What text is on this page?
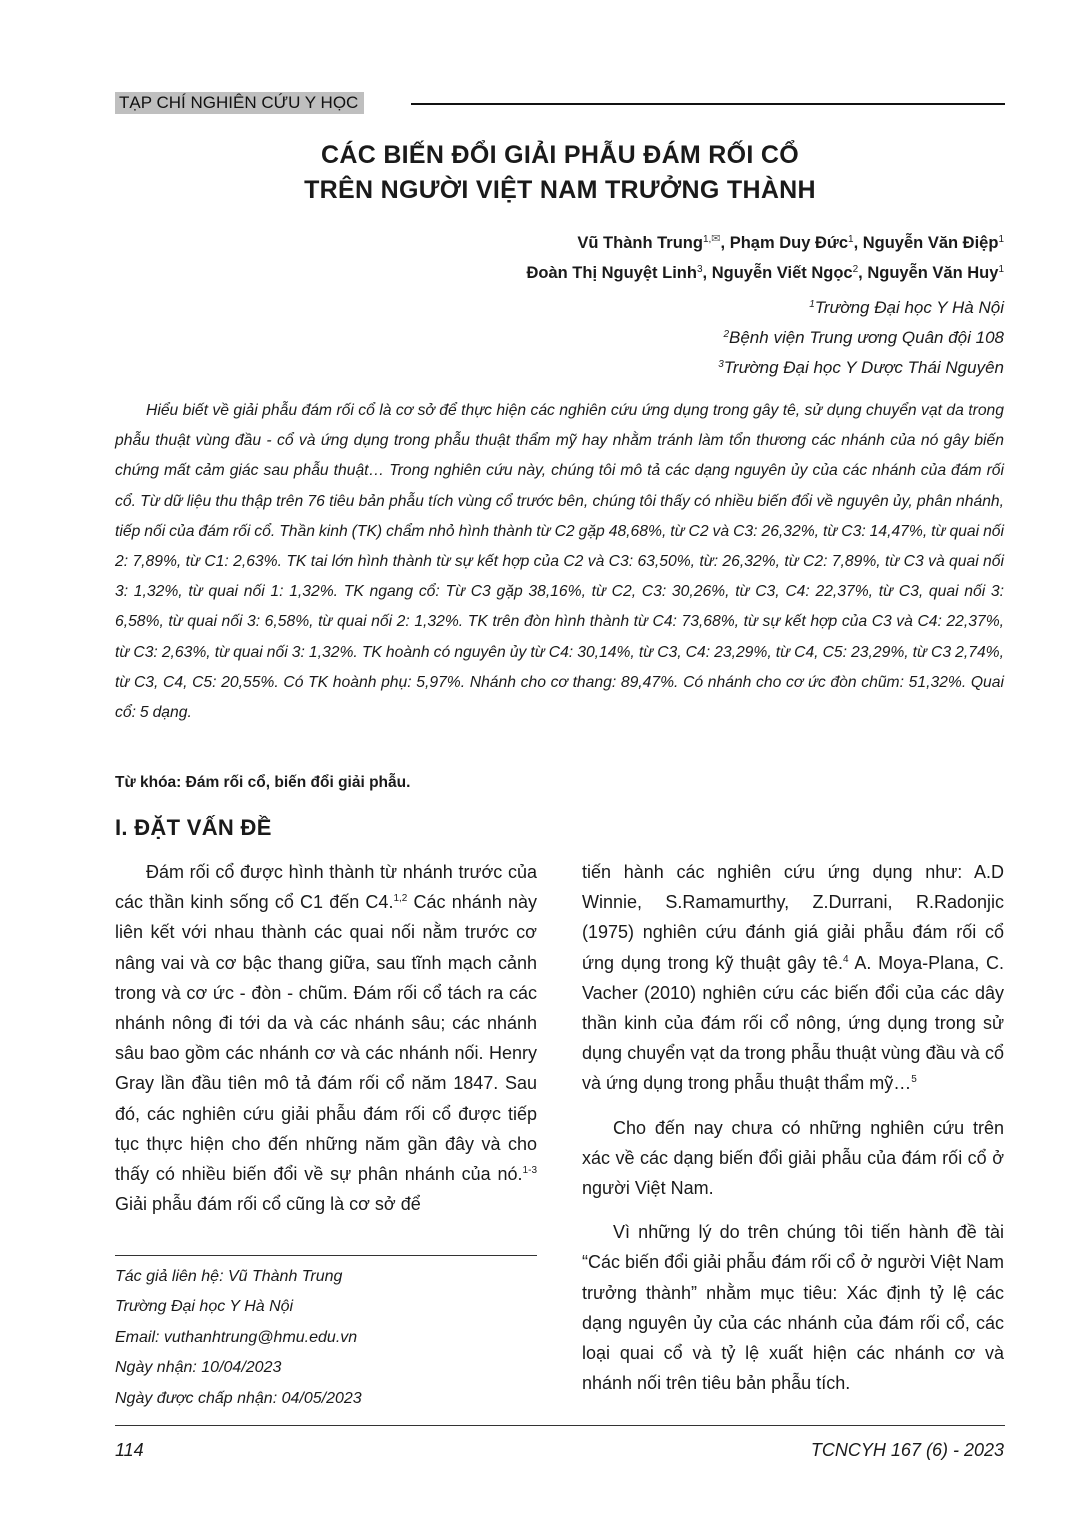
TẠP CHÍ NGHIÊN CỨU Y HỌC
CÁC BIẾN ĐỔI GIẢI PHẪU ĐÁM RỐI CỔ
TRÊN NGƯỜI VIỆT NAM TRƯỞNG THÀNH
Vũ Thành Trung$^{1,✉}$, Phạm Duy Đức$^1$, Nguyễn Văn Điệp$^1$
Đoàn Thị Nguyệt Linh$^3$, Nguyễn Viết Ngọc$^2$, Nguyễn Văn Huy$^1$
$^1$Trường Đại học Y Hà Nội
$^2$Bệnh viện Trung ương Quân đội 108
$^3$Trường Đại học Y Dược Thái Nguyên

Hiểu biết về giải phẫu đám rối cổ là cơ sở để thực hiện các nghiên cứu ứng dụng trong gây tê, sử dụng chuyển vạt da trong phẫu thuật vùng đầu - cổ và ứng dụng trong phẫu thuật thẩm mỹ hay nhằm tránh làm tổn thương các nhánh của nó gây biến chứng mất cảm giác sau phẫu thuật… Trong nghiên cứu này, chúng tôi mô tả các dạng nguyên ủy của các nhánh của đám rối cổ. Từ dữ liệu thu thập trên 76 tiêu bản phẫu tích vùng cổ trước bên, chúng tôi thấy có nhiều biến đổi về nguyên ủy, phân nhánh, tiếp nối của đám rối cổ. Thần kinh (TK) chẩm nhỏ hình thành từ C2 gặp 48,68%, từ C2 và C3: 26,32%, từ C3: 14,47%, từ quai nối 2: 7,89%, từ C1: 2,63%. TK tai lớn hình thành từ sự kết hợp của C2 và C3: 63,50%, từ: 26,32%, từ C2: 7,89%, từ C3 và quai nối 3: 1,32%, từ quai nối 1: 1,32%. TK ngang cổ: Từ C3 gặp 38,16%, từ C2, C3: 30,26%, từ C3, C4: 22,37%, từ C3, quai nối 3: 6,58%, từ quai nối 3: 6,58%, từ quai nối 2: 1,32%. TK trên đòn hình thành từ C4: 73,68%, từ sự kết hợp của C3 và C4: 22,37%, từ C3: 2,63%, từ quai nối 3: 1,32%. TK hoành có nguyên ủy từ C4: 30,14%, từ C3, C4: 23,29%, từ C4, C5: 23,29%, từ C3 2,74%, từ C3, C4, C5: 20,55%. Có TK hoành phụ: 5,97%. Nhánh cho cơ thang: 89,47%. Có nhánh cho cơ ức đòn chũm: 51,32%. Quai cổ: 5 dạng.

Từ khóa: Đám rối cổ, biến đổi giải phẫu.
I. ĐẶT VẤN ĐỀ

Đám rối cổ được hình thành từ nhánh trước của các thần kinh sống cổ C1 đến C4.$^{1,2}$ Các nhánh này liên kết với nhau thành các quai nối nằm trước cơ nâng vai và cơ bậc thang giữa, sau tĩnh mạch cảnh trong và cơ ức - đòn - chũm. Đám rối cổ tách ra các nhánh nông đi tới da và các nhánh sâu; các nhánh sâu bao gồm các nhánh cơ và các nhánh nối. Henry Gray lần đầu tiên mô tả đám rối cổ năm 1847. Sau đó, các nghiên cứu giải phẫu đám rối cổ được tiếp tục thực hiện cho đến những năm gần đây và cho thấy có nhiều biến đổi về sự phân nhánh của nó.$^{1-3}$ Giải phẫu đám rối cổ cũng là cơ sở để

tiến hành các nghiên cứu ứng dụng như: A.D Winnie, S.Ramamurthy, Z.Durrani, R.Radonjic (1975) nghiên cứu đánh giá giải phẫu đám rối cổ ứng dụng trong kỹ thuật gây tê.$^4$ A. Moya-Plana, C. Vacher (2010) nghiên cứu các biến đổi của các dây thần kinh của đám rối cổ nông, ứng dụng trong sử dụng chuyển vạt da trong phẫu thuật vùng đầu và cổ và ứng dụng trong phẫu thuật thẩm mỹ…$^5$

Cho đến nay chưa có những nghiên cứu trên xác về các dạng biến đổi giải phẫu của đám rối cổ ở người Việt Nam.

Vì những lý do trên chúng tôi tiến hành đề tài “Các biến đổi giải phẫu đám rối cổ ở người Việt Nam trưởng thành” nhằm mục tiêu: Xác định tỷ lệ các dạng nguyên ủy của các nhánh của đám rối cổ, các loại quai cổ và tỷ lệ xuất hiện các nhánh cơ và nhánh nối trên tiêu bản phẫu tích.

Tác giả liên hệ: Vũ Thành Trung
Trường Đại học Y Hà Nội
Email: vuthanhtrung@hmu.edu.vn
Ngày nhận: 10/04/2023
Ngày được chấp nhận: 04/05/2023
114	TCNCYH 167 (6) - 2023
